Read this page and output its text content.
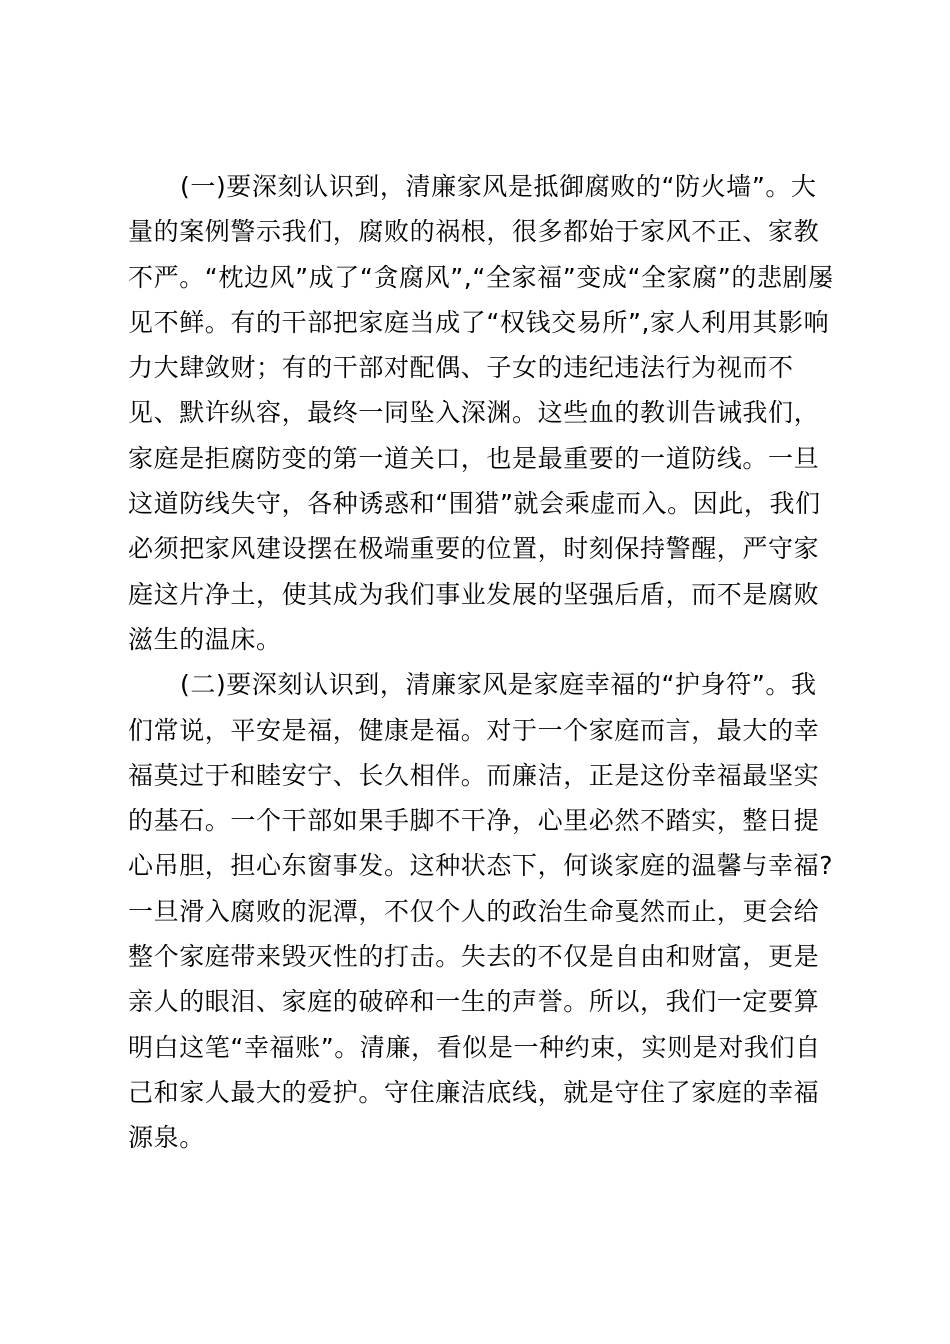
(一)要深刻认识到，清廉家风是抵御腐败的“防火墙”。大
量的案例警示我们，腐败的祸根，很多都始于家风不正、家教
不严。“枕边风”成了“贪腐风”,“全家福”变成“全家腐”的悲剧屡
见不鲜。有的干部把家庭当成了“权钱交易所”,家人利用其影响
力大肆敛财；有的干部对配偶、子女的违纪违法行为视而不
见、默许纵容，最终一同坠入深渊。这些血的教训告诫我们，
家庭是拒腐防变的第一道关口，也是最重要的一道防线。一旦
这道防线失守，各种诱惑和“围猎”就会乘虚而入。因此，我们
必须把家风建设摆在极端重要的位置，时刻保持警醒，严守家
庭这片净土，使其成为我们事业发展的坚强后盾，而不是腐败
滋生的温床。
(二)要深刻认识到，清廉家风是家庭幸福的“护身符”。我
们常说，平安是福，健康是福。对于一个家庭而言，最大的幸
福莫过于和睦安宁、长久相伴。而廉洁，正是这份幸福最坚实
的基石。一个干部如果手脚不干净，心里必然不踏实，整日提
心吊胆，担心东窗事发。这种状态下，何谈家庭的温馨与幸福?
一旦滑入腐败的泥潭，不仅个人的政治生命戛然而止，更会给
整个家庭带来毁灭性的打击。失去的不仅是自由和财富，更是
亲人的眼泪、家庭的破碎和一生的声誉。所以，我们一定要算
明白这笔“幸福账”。清廉，看似是一种约束，实则是对我们自
己和家人最大的爱护。守住廉洁底线，就是守住了家庭的幸福
源泉。
